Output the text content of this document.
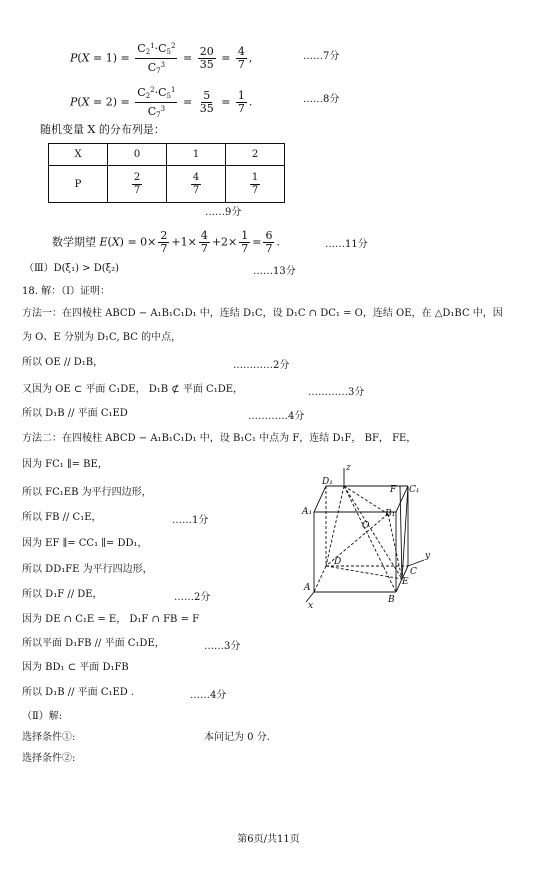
$P(X = 1) = \frac{C_2^1\cdot C_5^2}{C_7^3} = \frac{20}{35} = \frac{4}{7}$ ,	……7分
$P(X = 2) = \frac{C_2^2\cdot C_5^1}{C_7^3} = \frac{5}{35} = \frac{1}{7}$ .	……8分
随机变量 X 的分布列是：
X	0	1	2
P	$\frac{2}{7}$	$\frac{4}{7}$	$\frac{1}{7}$
……9分
数学期望 $E(X) = 0\times \frac{2}{7} +1\times \frac{4}{7} +2\times \frac{1}{7} = \frac{6}{7}$ .	……11分
（Ⅲ）D(ξ₁) > D(ξ₂)	……13分
18. 解：（Ⅰ）证明：
方法一：在四棱柱 ABCD − A₁B₁C₁D₁ 中，连结 D₁C，设 D₁C ∩ DC₁ = O，连结 OE，在 △D₁BC 中，因
为 O、E 分别为 D₁C, BC 的中点，
所以 OE // D₁B，	…………2分
又因为 OE ⊂ 平面 C₁DE， D₁B ⊄ 平面 C₁DE，	…………3分
所以 D₁B // 平面 C₁ED	…………4分
方法二：在四棱柱 ABCD − A₁B₁C₁D₁ 中，设 B₁C₁ 中点为 F，连结 D₁F， BF， FE，
因为 FC₁ ∥= BE，
所以 FC₁EB 为平行四边形，
所以 FB // C₁E，	……1分
因为 EF ∥= CC₁ ∥= DD₁，
所以 DD₁FE 为平行四边形，
所以 D₁F // DE，	……2分
因为 DE ∩ C₁E = E， D₁F ∩ FB = F
所以平面 D₁FB // 平面 C₁DE，	……3分
因为 BD₁ ⊂ 平面 D₁FB
所以 D₁B // 平面 C₁ED .	……4分
（Ⅱ）解:
选择条件①:	本问记为 0 分.
选择条件②:
z
y
x
D₁
F C₁
A₁	B₁
O
D
C
A
E
B
第6页/共11页
